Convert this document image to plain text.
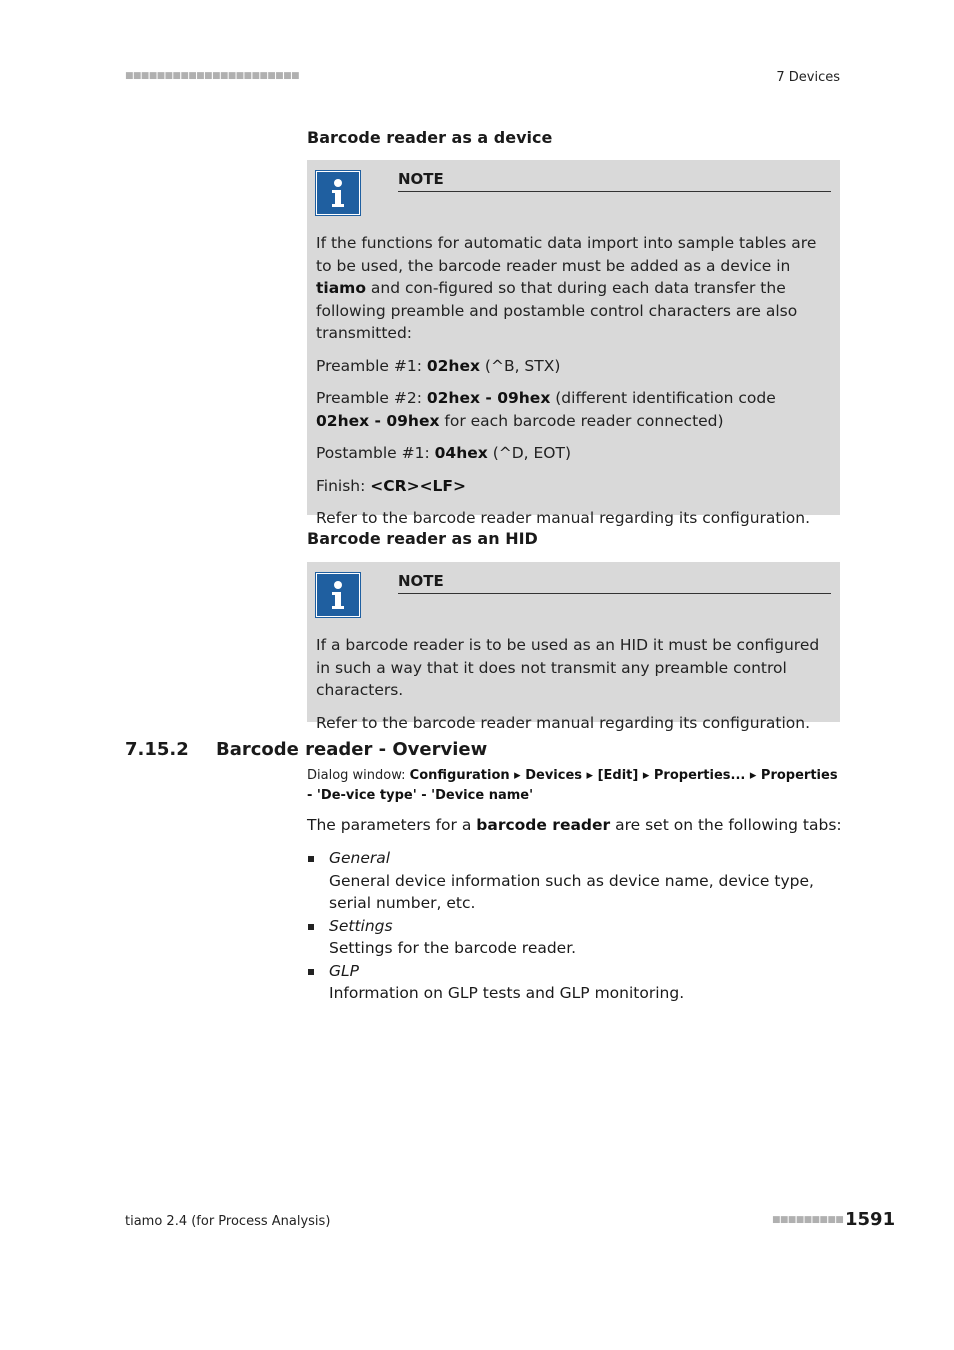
■■■■■■■■■■■■■■■■■■■■■■	7 Devices
Barcode reader as a device
NOTE

If the functions for automatic data import into sample tables are to be used, the barcode reader must be added as a device in tiamo and con-figured so that during each data transfer the following preamble and postamble control characters are also transmitted:

Preamble #1: 02hex (^B, STX)

Preamble #2: 02hex - 09hex (different identification code 02hex - 09hex for each barcode reader connected)

Postamble #1: 04hex (^D, EOT)

Finish: <CR><LF>

Refer to the barcode reader manual regarding its configuration.

Barcode reader as an HID
NOTE

If a barcode reader is to be used as an HID it must be configured in such a way that it does not transmit any preamble control characters.

Refer to the barcode reader manual regarding its configuration.

7.15.2 Barcode reader - Overview
Dialog window: Configuration ▸ Devices ▸ [Edit] ▸ Properties... ▸ Properties - 'De-vice type' - 'Device name'
The parameters for a barcode reader are set on the following tabs:
General
General device information such as device name, device type, serial number, etc.
Settings
Settings for the barcode reader.
GLP
Information on GLP tests and GLP monitoring.
tiamo 2.4 (for Process Analysis)	■■■■■■■■■ 1591
